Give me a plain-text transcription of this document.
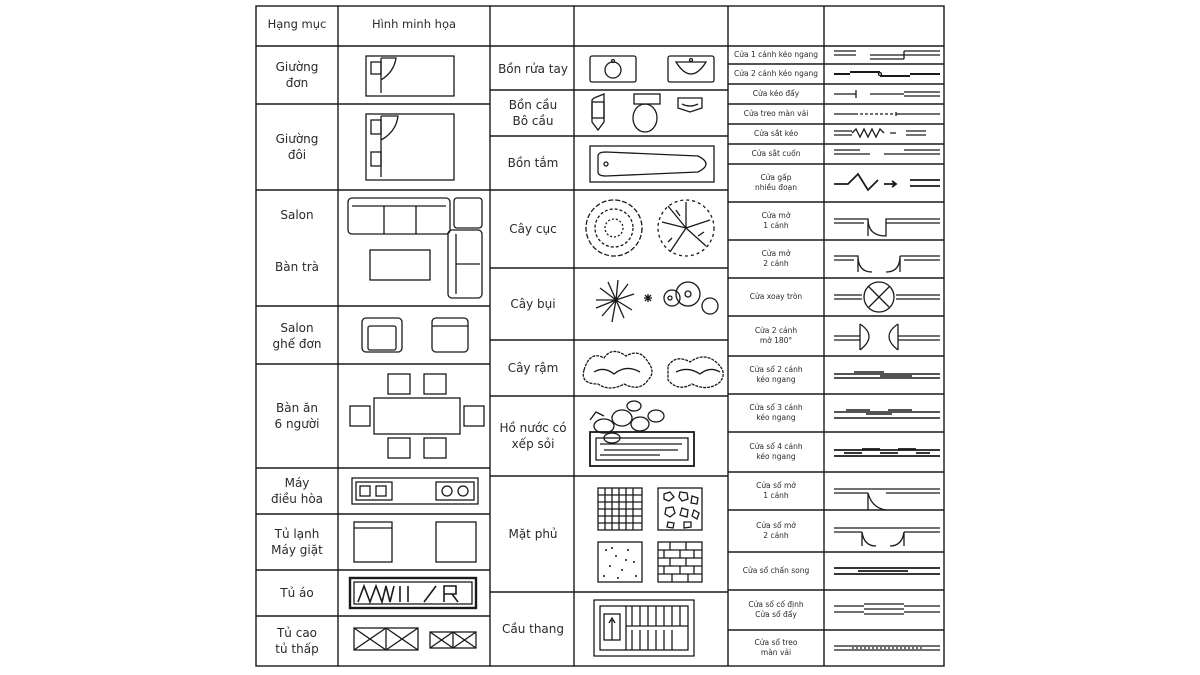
Hạng mục	Hình minh họa
Giường
đơn
Giường
đôi
Salon
Bàn trà
Salon
ghế đơn
Bàn ăn
6 người
Máy
điều hòa
Tủ lạnh
Máy giặt
Tủ áo
Tủ cao
tủ thấp
Bồn rửa tay
Bồn cầu
Bô cầu
Bồn tắm
Cây cục
Cây bụi
Cây rậm
Hồ nước có
xếp sỏi
Mặt phủ
Cầu thang
Cửa 1 cánh kéo ngang
Cửa 2 cánh kéo ngang
Cửa kéo đẩy
Cửa treo màn vải
Cửa sắt kéo
Cửa sắt cuốn
Cửa gấp
nhiều đoạn
Cửa mở
1 cánh
Cửa mở
2 cánh
Cửa xoay tròn
Cửa 2 cánh
mở 180°
Cửa sổ 2 cánh
kéo ngang
Cửa sổ 3 cánh
kéo ngang
Cửa sổ 4 cánh
kéo ngang
Cửa sổ mở
1 cánh
Cửa sổ mở
2 cánh
Cửa sổ chấn song
Cửa sổ cố định
Cửa sổ đẩy
Cửa sổ treo
màn vải
